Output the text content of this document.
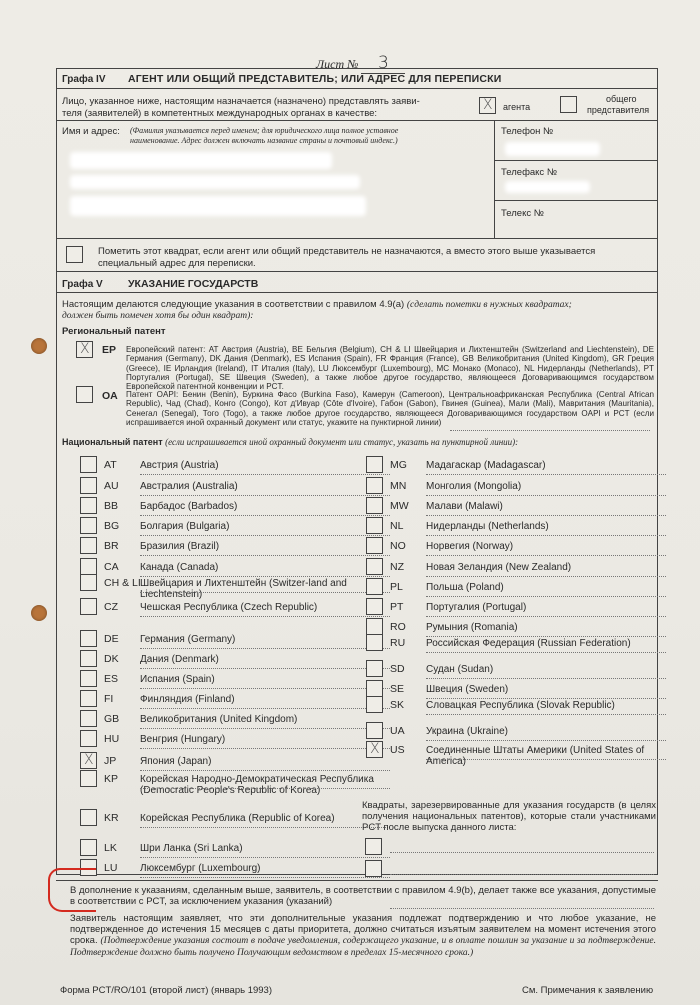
Лист № 3
Графа IV АГЕНТ ИЛИ ОБЩИЙ ПРЕДСТАВИТЕЛЬ; ИЛИ АДРЕС ДЛЯ ПЕРЕПИСКИ
Лицо, указанное ниже, настоящим назначается (назначено) представлять заяви-
теля (заявителей) в компетентных международных органах в качестве:
X
агента
общего
представителя
Имя и адрес: (Фамилия указывается перед именем; для юридического лица полное уставное
наименование. Адрес должен включать название страны и почтовый индекс.)
Телефон №
Телефакс №
Телекс №
Пометить этот квадрат, если агент или общий представитель не назначаются, а вместо этого выше указывается
специальный адрес для переписки.
Графа V УКАЗАНИЕ ГОСУДАРСТВ
Настоящим делаются следующие указания в соответствии с правилом 4.9(a) (сделать пометки в нужных квадратах;
должен быть помечен хотя бы один квадрат):
Региональный патент
X
EP Европейский патент: AT Австрия (Austria), BE Бельгия (Belgium), CH & LI Швейцария и Лихтенштейн (Switzerland and Liechtenstein), DE Германия (Germany), DK Дания (Denmark), ES Испания (Spain), FR Франция (France), GB Великобритания (United Kingdom), GR Греция (Greece), IE Ирландия (Ireland), IT Италия (Italy), LU Люксембург (Luxembourg), MC Монако (Monaco), NL Нидерланды (Netherlands), PT Португалия (Portugal), SE Швеция (Sweden), а также любое другое государство, являющееся Договаривающимся государством Европейской патентной конвенции и PCT.
OA Патент OAPI: Бенин (Benin), Буркина Фасо (Burkina Faso), Камерун (Cameroon), Центральноафриканская Республика (Central African Republic), Чад (Chad), Конго (Congo), Кот д'Ивуар (Côte d'Ivoire), Габон (Gabon), Гвинея (Guinea), Мали (Mali), Мавритания (Mauritania), Сенегал (Senegal), Того (Togo), а также любое другое государство, являющееся Договаривающимся государством OAPI и PCT (если испрашивается иной охранный документ или статус, укажите на пунктирной линии)
Национальный патент (если испрашивается иной охранный документ или статус, указать на пунктирной линии):
AT Австрия (Austria)
AU Австралия (Australia)
BB Барбадос (Barbados)
BG Болгария (Bulgaria)
BR Бразилия (Brazil)
CA Канада (Canada)
CH & LI Швейцария и Лихтенштейн (Switzer-land and Liechtenstein)
CZ Чешская Республика (Czech Republic)
DE Германия (Germany)
DK Дания (Denmark)
ES Испания (Spain)
FI	Финляндия (Finland)
GB Великобритания (United Kingdom)
HU Венгрия (Hungary)
X
JP Япония (Japan)
KP Корейская Народно-Демократическая Республика (Democratic People's Republic of Korea)
KR Корейская Республика (Republic of Korea)
LK Шри Ланка (Sri Lanka)
LU Люксембург (Luxembourg)
MG Мадагаскар (Madagascar)
MN Монголия (Mongolia)
MW Малави (Malawi)
NL Нидерланды (Netherlands)
NO Норвегия (Norway)
NZ Новая Зеландия (New Zealand)
PL Польша (Poland)
PT Португалия (Portugal)
RO Румыния (Romania)
RU Российская Федерация (Russian Federation)
SD Судан (Sudan)
SE Швеция (Sweden)
SK Словацкая Республика (Slovak Republic)
UA Украина (Ukraine)
X
US Соединенные Штаты Америки (United States of America)
Квадраты, зарезервированные для указания государств (в целях получения национальных патентов), которые стали участниками PCT после выпуска данного листа:
В дополнение к указаниям, сделанным выше, заявитель, в соответствии с правилом 4.9(b), делает также все указания, допустимые в соответствии с PCT, за исключением указания (указаний)
Заявитель настоящим заявляет, что эти дополнительные указания подлежат подтверждению и что любое указание, не подтвержденное до истечения 15 месяцев с даты приоритета, должно считаться изъятым заявителем на момент истечения этого срока. (Подтверждение указания состоит в подаче уведомления, содержащего указание, и в оплате пошлин за указание и за подтверждение. Подтверждение должно быть получено Получающим ведомством в пределах 15-месячного срока.)
Форма PCT/RO/101 (второй лист) (январь 1993)	См. Примечания к заявлению
